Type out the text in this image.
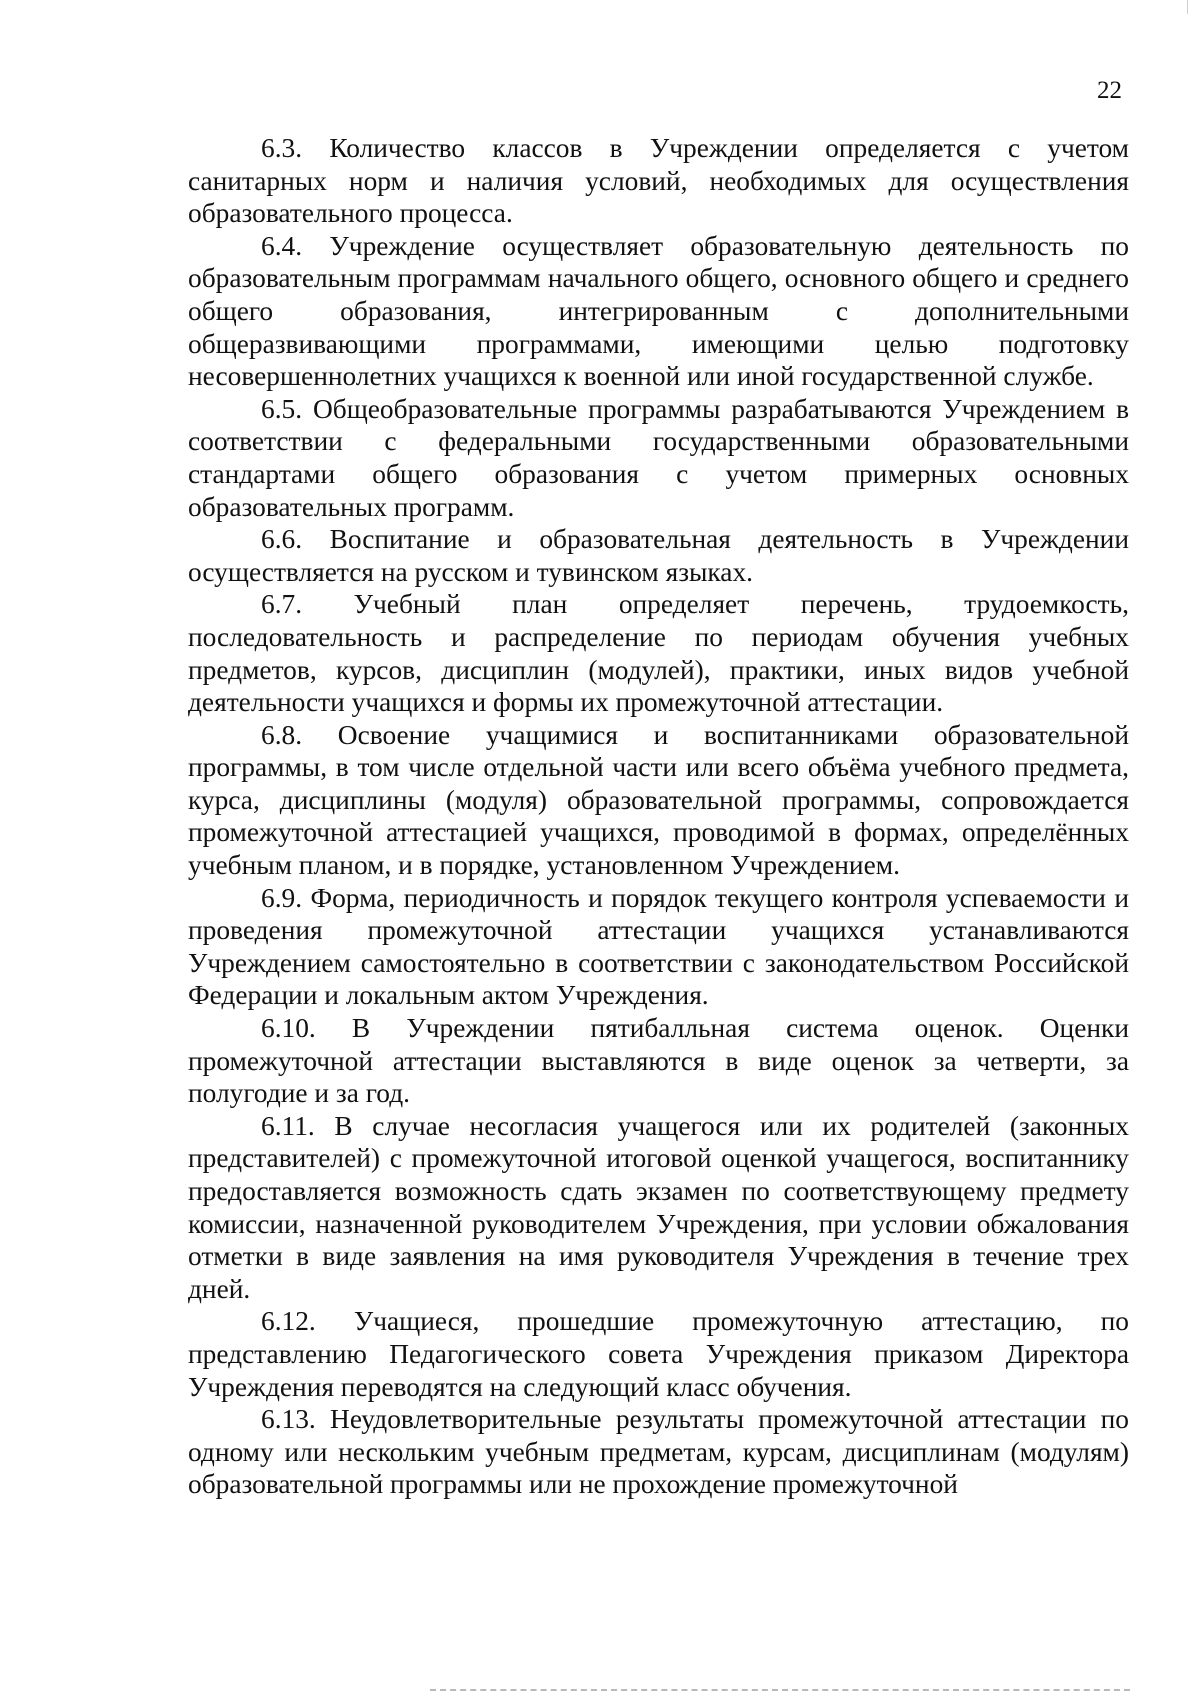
22

6.3. Количество классов в Учреждении определяется с учетом санитарных норм и наличия условий, необходимых для осуществления образовательного процесса.

6.4. Учреждение осуществляет образовательную деятельность по образовательным программам начального общего, основного общего и среднего общего образования, интегрированным с дополнительными общеразвивающими программами, имеющими целью подготовку несовершеннолетних учащихся к военной или иной государственной службе.

6.5. Общеобразовательные программы разрабатываются Учреждением в соответствии с федеральными государственными образовательными стандартами общего образования с учетом примерных основных образовательных программ.

6.6. Воспитание и образовательная деятельность в Учреждении осуществляется на русском и тувинском языках.

6.7. Учебный план определяет перечень, трудоемкость, последовательность и распределение по периодам обучения учебных предметов, курсов, дисциплин (модулей), практики, иных видов учебной деятельности учащихся и формы их промежуточной аттестации.

6.8. Освоение учащимися и воспитанниками образовательной программы, в том числе отдельной части или всего объёма учебного предмета, курса, дисциплины (модуля) образовательной программы, сопровождается промежуточной аттестацией учащихся, проводимой в формах, определённых учебным планом, и в порядке, установленном Учреждением.

6.9. Форма, периодичность и порядок текущего контроля успеваемости и проведения промежуточной аттестации учащихся устанавливаются Учреждением самостоятельно в соответствии с законодательством Российской Федерации и локальным актом Учреждения.

6.10. В Учреждении пятибалльная система оценок. Оценки промежуточной аттестации выставляются в виде оценок за четверти, за полугодие и за год.

6.11. В случае несогласия учащегося или их родителей (законных представителей) с промежуточной итоговой оценкой учащегося, воспитаннику предоставляется возможность сдать экзамен по соответствующему предмету комиссии, назначенной руководителем Учреждения, при условии обжалования отметки в виде заявления на имя руководителя Учреждения в течение трех дней.

6.12. Учащиеся, прошедшие промежуточную аттестацию, по представлению Педагогического совета Учреждения приказом Директора Учреждения переводятся на следующий класс обучения.

6.13. Неудовлетворительные результаты промежуточной аттестации по одному или нескольким учебным предметам, курсам, дисциплинам (модулям) образовательной программы или не прохождение промежуточной
